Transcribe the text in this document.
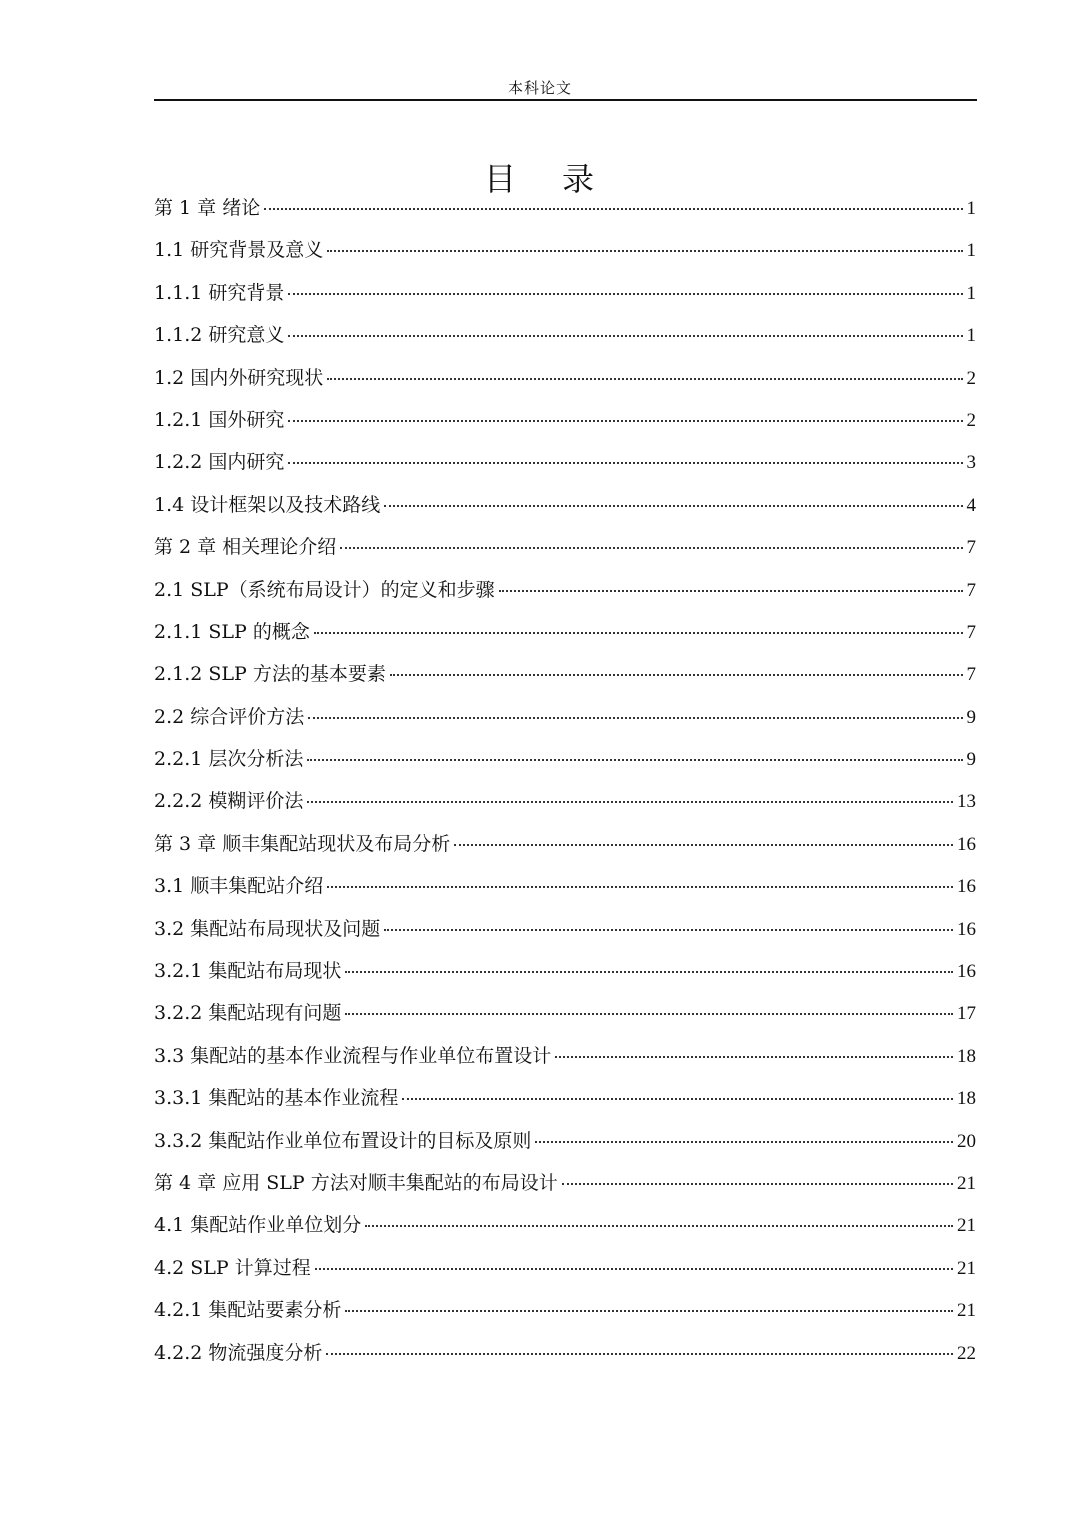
本科论文
目 录
第 1 章 绪论	1
1.1 研究背景及意义	1
1.1.1 研究背景	1
1.1.2 研究意义	1
1.2 国内外研究现状	2
1.2.1 国外研究	2
1.2.2 国内研究	3
1.4 设计框架以及技术路线	4
第 2 章 相关理论介绍	7
2.1 SLP（系统布局设计）的定义和步骤	7
2.1.1 SLP 的概念	7
2.1.2 SLP 方法的基本要素	7
2.2 综合评价方法	9
2.2.1 层次分析法	9
2.2.2 模糊评价法	13
第 3 章 顺丰集配站现状及布局分析	16
3.1 顺丰集配站介绍	16
3.2 集配站布局现状及问题	16
3.2.1 集配站布局现状	16
3.2.2 集配站现有问题	17
3.3 集配站的基本作业流程与作业单位布置设计	18
3.3.1 集配站的基本作业流程	18
3.3.2 集配站作业单位布置设计的目标及原则	20
第 4 章 应用 SLP 方法对顺丰集配站的布局设计	21
4.1 集配站作业单位划分	21
4.2 SLP 计算过程	21
4.2.1 集配站要素分析	21
4.2.2 物流强度分析	22
